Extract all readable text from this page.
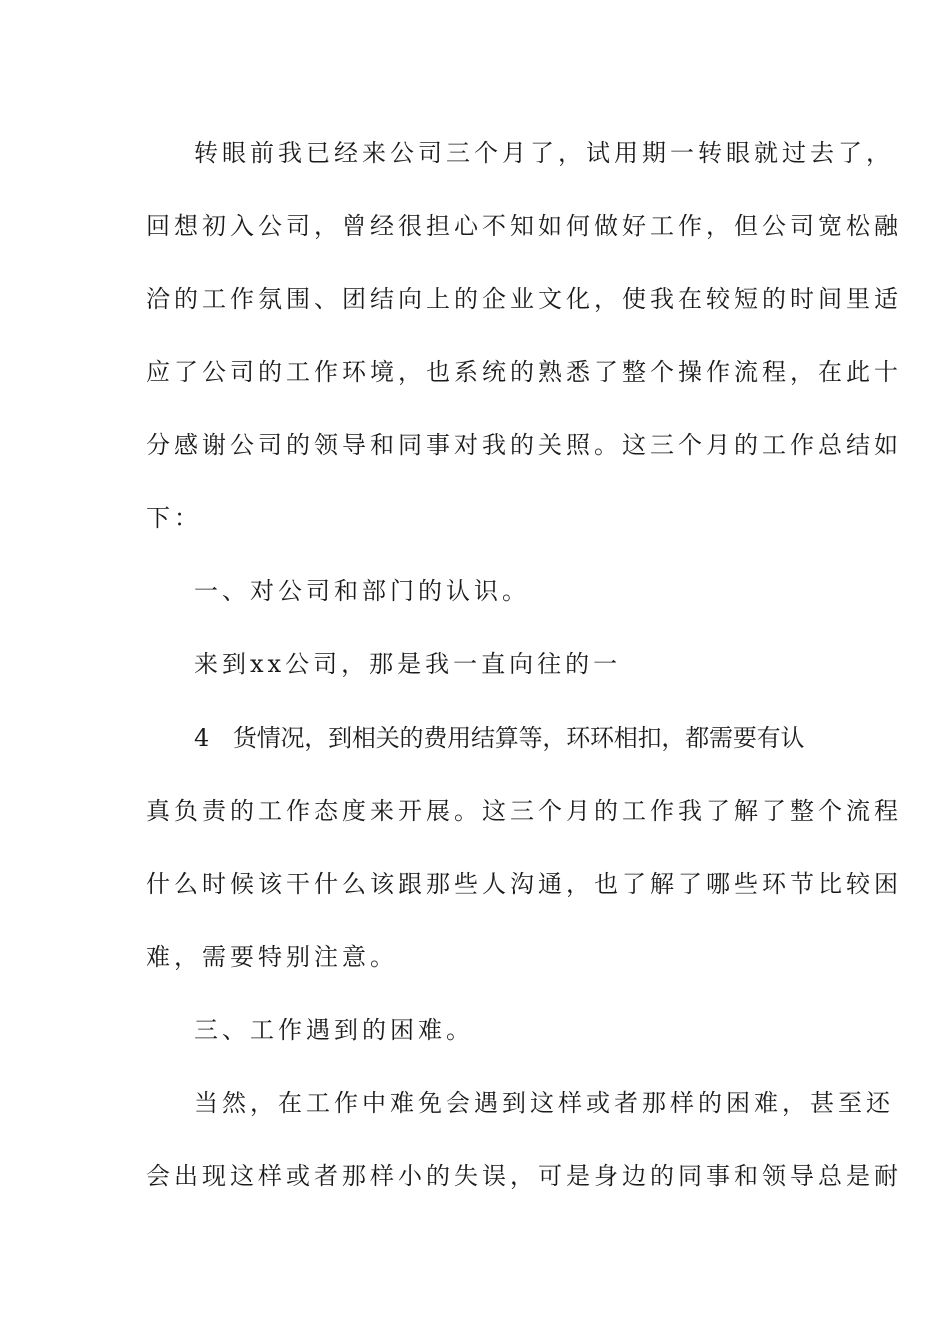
转眼前我已经来公司三个月了，试用期一转眼就过去了，
回想初入公司，曾经很担心不知如何做好工作，但公司宽松融
洽的工作氛围、团结向上的企业文化，使我在较短的时间里适
应了公司的工作环境，也系统的熟悉了整个操作流程，在此十
分感谢公司的领导和同事对我的关照。这三个月的工作总结如
下：
一、对公司和部门的认识。
来到xx公司，那是我一直向往的一
4　货情况，到相关的费用结算等，环环相扣，都需要有认
真负责的工作态度来开展。这三个月的工作我了解了整个流程
什么时候该干什么该跟那些人沟通，也了解了哪些环节比较困
难，需要特别注意。
三、工作遇到的困难。
当然，在工作中难免会遇到这样或者那样的困难，甚至还
会出现这样或者那样小的失误，可是身边的同事和领导总是耐
